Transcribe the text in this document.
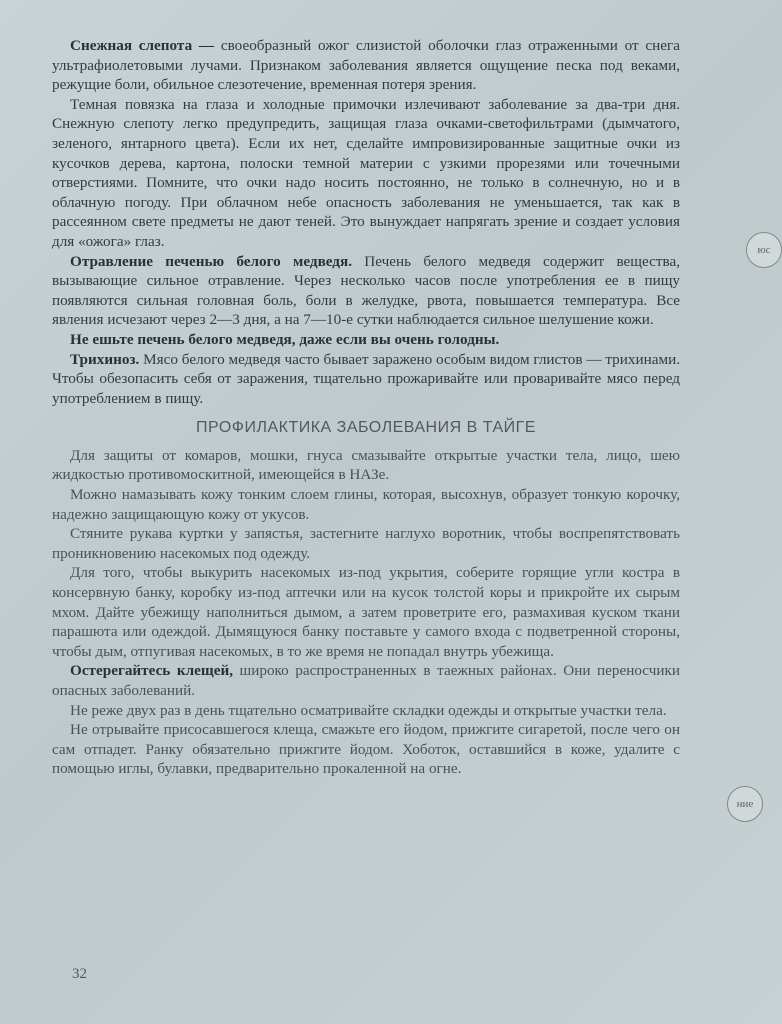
Снежная слепота — своеобразный ожог слизистой оболочки глаз отраженными от снега ультрафиолетовыми лучами. Признаком заболевания является ощущение песка под веками, режущие боли, обильное слезотечение, временная потеря зрения.

Темная повязка на глаза и холодные примочки излечивают заболевание за два-три дня. Снежную слепоту легко предупредить, защищая глаза очками-светофильтрами (дымчатого, зеленого, янтарного цвета). Если их нет, сделайте импровизированные защитные очки из кусочков дерева, картона, полоски темной материи с узкими прорезями или точечными отверстиями. Помните, что очки надо носить постоянно, не только в солнечную, но и в облачную погоду. При облачном небе опасность заболевания не уменьшается, так как в рассеянном свете предметы не дают теней. Это вынуждает напрягать зрение и создает условия для «ожога» глаз.

Отравление печенью белого медведя. Печень белого медведя содержит вещества, вызывающие сильное отравление. Через несколько часов после употребления ее в пищу появляются сильная головная боль, боли в желудке, рвота, повышается температура. Все явления исчезают через 2—3 дня, а на 7—10-е сутки наблюдается сильное шелушение кожи.

Не ешьте печень белого медведя, даже если вы очень голодны.

Трихиноз. Мясо белого медведя часто бывает заражено особым видом глистов — трихинами. Чтобы обезопасить себя от заражения, тщательно прожаривайте или проваривайте мясо перед употреблением в пищу.

ПРОФИЛАКТИКА ЗАБОЛЕВАНИЯ В ТАЙГЕ

Для защиты от комаров, мошки, гнуса смазывайте открытые участки тела, лицо, шею жидкостью противомоскитной, имеющейся в НАЗе.

Можно намазывать кожу тонким слоем глины, которая, высохнув, образует тонкую корочку, надежно защищающую кожу от укусов.

Стяните рукава куртки у запястья, застегните наглухо воротник, чтобы воспрепятствовать проникновению насекомых под одежду.

Для того, чтобы выкурить насекомых из-под укрытия, соберите горящие угли костра в консервную банку, коробку из-под аптечки или на кусок толстой коры и прикройте их сырым мхом. Дайте убежищу наполниться дымом, а затем проветрите его, размахивая куском ткани парашюта или одеждой. Дымящуюся банку поставьте у самого входа с подветренной стороны, чтобы дым, отпугивая насекомых, в то же время не попадал внутрь убежища.

Остерегайтесь клещей, широко распространенных в таежных районах. Они переносчики опасных заболеваний.

Не реже двух раз в день тщательно осматривайте складки одежды и открытые участки тела.

Не отрывайте присосавшегося клеща, смажьте его йодом, прижгите сигаретой, после чего он сам отпадет. Ранку обязательно прижгите йодом. Хоботок, оставшийся в коже, удалите с помощью иглы, булавки, предварительно прокаленной на огне.

32
юс
ние
